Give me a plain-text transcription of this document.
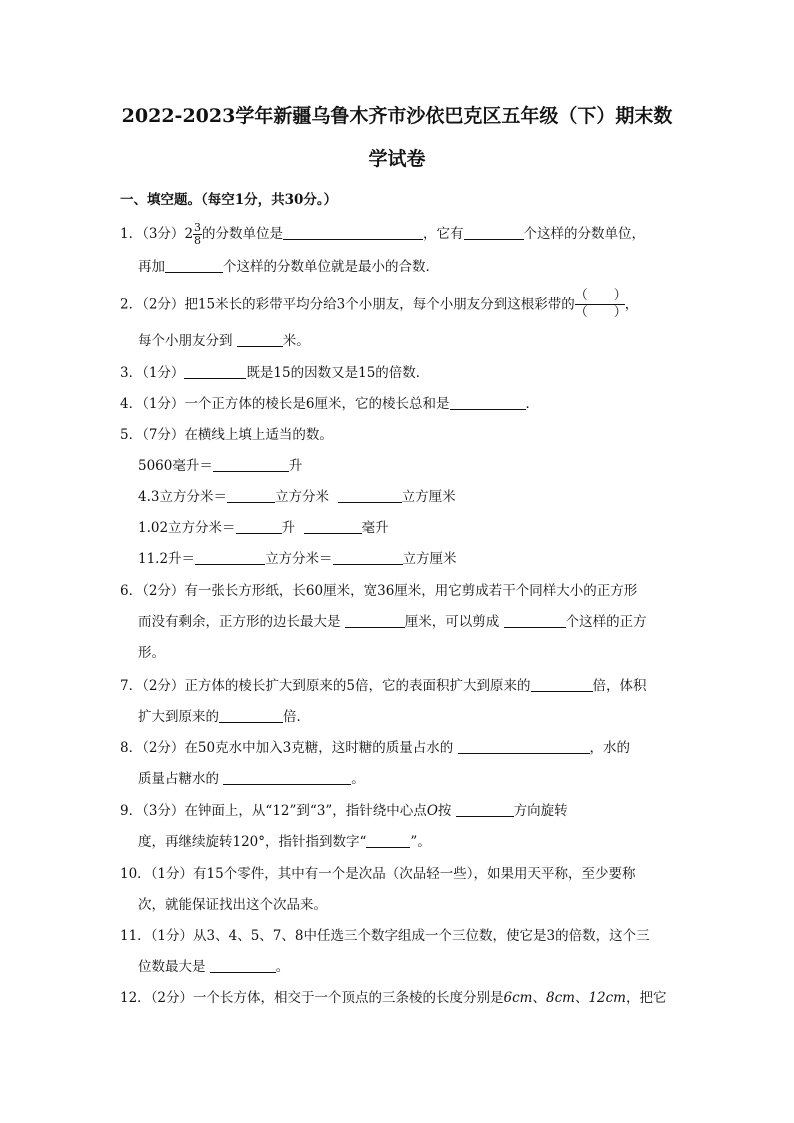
2022-2023学年新疆乌鲁木齐市沙依巴克区五年级（下）期末数
学试卷
一、填空题。（每空1分，共30分。）
1．（3分）$2 \frac{3}{8}$ 的分数单位是	，它有	个这样的分数单位，
再加	个这样的分数单位就是最小的合数．
2．（2分）把15米长的彩带平均分给3个小朋友，每个小朋友分到这根彩带的
（　　）
（　　）
，
每个小朋友分到	米。
3．（1分）	既是15的因数又是15的倍数．
4．（1分）一个正方体的棱长是6厘米，它的棱长总和是	．
5．（7分）在横线上填上适当的数。
5060毫升＝	升
4.3立方分米＝	立方分米	立方厘米
1.02立方分米＝	升	毫升
11.2升＝	立方分米＝	立方厘米
6．（2分）有一张长方形纸，长60厘米，宽36厘米，用它剪成若干个同样大小的正方形
而没有剩余，正方形的边长最大是	厘米，可以剪成	个这样的正方
形。
7．（2分）正方体的棱长扩大到原来的5倍，它的表面积扩大到原来的	倍，体积
扩大到原来的	倍．
8．（2分）在50克水中加入3克糖，这时糖的质量占水的	，水的
质量占糖水的	。
9．（3分）在钟面上，从“12”到“3”，指针绕中心点O按	方向旋转
度，再继续旋转120°，指针指到数字“	”。
10．（1分）有15个零件，其中有一个是次品（次品轻一些），如果用天平称，至少要称
次，就能保证找出这个次品来。
11．（1分）从3、4、5、7、8中任选三个数字组成一个三位数，使它是3的倍数，这个三
位数最大是	。
12．（2分）一个长方体，相交于一个顶点的三条棱的长度分别是6cm、8cm、12cm，把它
